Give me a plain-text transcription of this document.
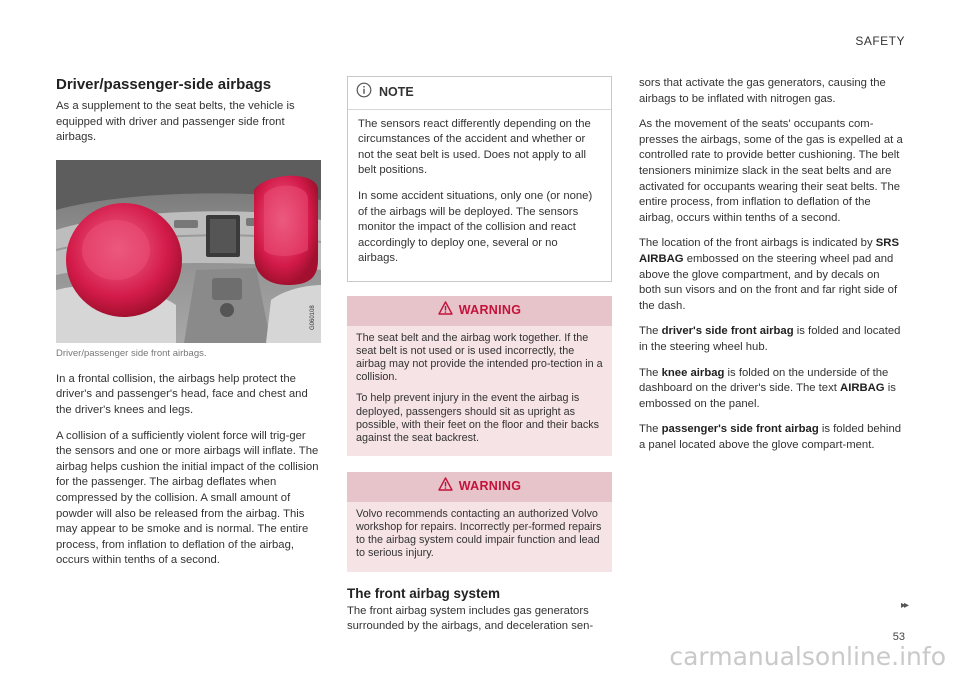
SAFETY
Driver/passenger-side airbags

As a supplement to the seat belts, the vehicle is equipped with driver and passenger side front airbags.

G060108

Driver/passenger side front airbags.

In a frontal collision, the airbags help protect the driver's and passenger's head, face and chest and the driver's knees and legs.

A collision of a sufficiently violent force will trig-ger the sensors and one or more airbags will inflate. The airbag helps cushion the initial impact of the collision for the passenger. The airbag deflates when compressed by the collision. A small amount of powder will also be released from the airbag. This may appear to be smoke and is normal. The entire process, from inflation to deflation of the airbag, occurs within tenths of a second.

NOTE

The sensors react differently depending on the circumstances of the accident and whether or not the seat belt is used. Does not apply to all belt positions.

In some accident situations, only one (or none) of the airbags will be deployed. The sensors monitor the impact of the collision and react accordingly to deploy one, several or no airbags.

WARNING

The seat belt and the airbag work together. If the seat belt is not used or is used incorrectly, the airbag may not provide the intended pro-tection in a collision.

To help prevent injury in the event the airbag is deployed, passengers should sit as upright as possible, with their feet on the floor and their backs against the seat backrest.

WARNING

Volvo recommends contacting an authorized Volvo workshop for repairs. Incorrectly per-formed repairs to the airbag system could impair function and lead to serious injury.

The front airbag system

The front airbag system includes gas generators surrounded by the airbags, and deceleration sen-

sors that activate the gas generators, causing the airbags to be inflated with nitrogen gas.

As the movement of the seats' occupants com-presses the airbags, some of the gas is expelled at a controlled rate to provide better cushioning. The belt tensioners minimize slack in the seat belts and are activated for occupants wearing their seat belts. The entire process, from inflation to deflation of the airbag, occurs within tenths of a second.

The location of the front airbags is indicated by SRS AIRBAG embossed on the steering wheel pad and above the glove compartment, and by decals on both sun visors and on the front and far right side of the dash.

The driver's side front airbag is folded and located in the steering wheel hub.

The knee airbag is folded on the underside of the dashboard on the driver's side. The text AIRBAG is embossed on the panel.

The passenger's side front airbag is folded behind a panel located above the glove compart-ment.

▸▸
53
carmanualsonline.info
